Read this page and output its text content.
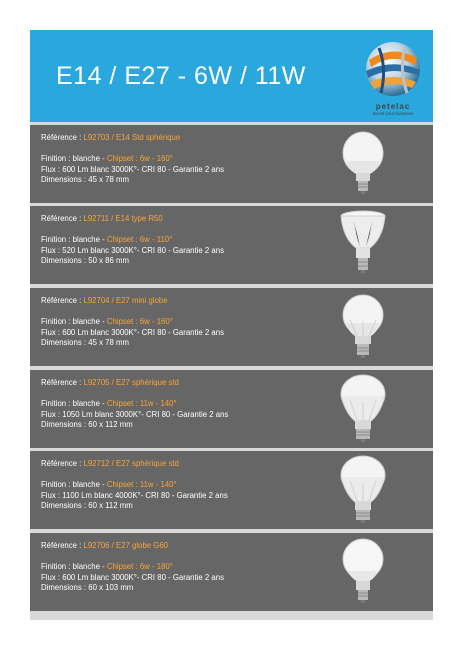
E14 / E27 - 6W / 11W
petelac
Boost your business
Référence : L92703 / E14 Std sphérique
Finition : blanche - Chipset : 6w - 160°
Flux : 600 Lm blanc 3000K°- CRI 80 - Garantie 2 ans
Dimensions : 45 x 78 mm
Référence : L92711 / E14 type R50
Finition : blanche - Chipset : 6w - 110°
Flux : 520 Lm blanc 3000K°- CRI 80 - Garantie 2 ans
Dimensions : 50 x 86 mm
Référence : L92704 / E27 mini globe
Finition : blanche - Chipset : 6w - 160°
Flux : 600 Lm blanc 3000K°- CRI 80 - Garantie 2 ans
Dimensions : 45 x 78 mm
Référence : L92705 / E27 sphérique std
Finition : blanche - Chipset : 11w - 140°
Flux : 1050 Lm blanc 3000K°- CRI 80 - Garantie 2 ans
Dimensions : 60 x 112 mm
Référence : L92712 / E27 sphérique std
Finition : blanche - Chipset : 11w - 140°
Flux : 1100 Lm blanc 4000K°- CRI 80 - Garantie 2 ans
Dimensions : 60 x 112 mm
Référence : L92706 / E27 globe G60
Finition : blanche - Chipset : 6w - 180°
Flux : 600 Lm blanc 3000K°- CRI 80 - Garantie 2 ans
Dimensions : 60 x 103 mm
